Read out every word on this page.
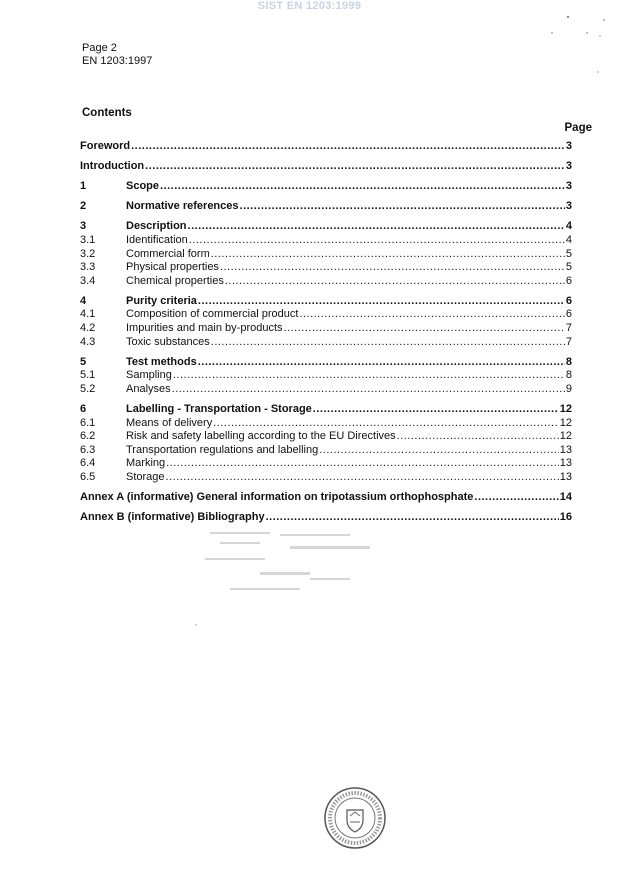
SIST EN 1203:1999
Page 2
EN 1203:1997
Contents
Page
Foreword .....	3
Introduction .....	3
1	Scope .....	3
2	Normative references .....	3
3	Description .....	4
3.1	Identification .....	4
3.2	Commercial form .....	5
3.3	Physical properties .....	5
3.4	Chemical properties .....	6
4	Purity criteria .....	6
4.1	Composition of commercial product .....	6
4.2	Impurities and main by-products .....	7
4.3	Toxic substances .....	7
5	Test methods .....	8
5.1	Sampling .....	8
5.2	Analyses .....	9
6	Labelling - Transportation - Storage .....	12
6.1	Means of delivery .....	12
6.2	Risk and safety labelling according to the EU Directives .....	12
6.3	Transportation regulations and labelling .....	13
6.4	Marking .....	13
6.5	Storage .....	13
Annex A (informative) General information on tripotassium orthophosphate .....	14
Annex B (informative) Bibliography .....	16
